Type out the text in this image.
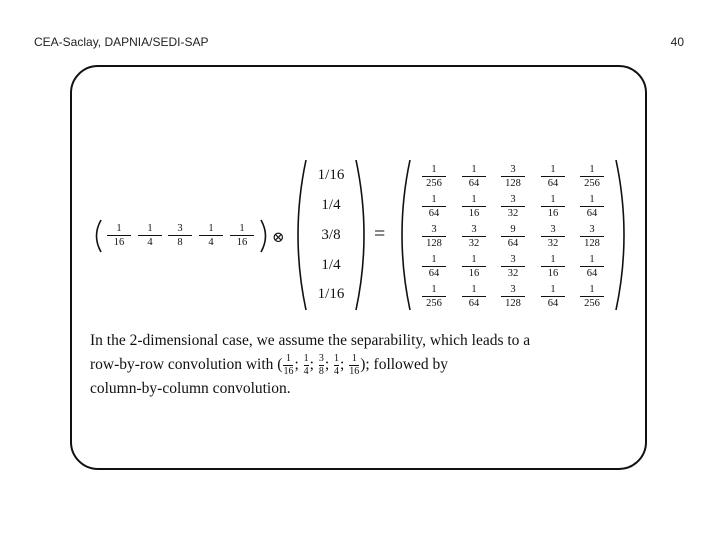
CEA-Saclay, DAPNIA/SEDI-SAP	40
⊗	=
1
16
1
4
3
8
1
4
1
16
1/16
1/4
3/8
1/4
1/16
1
256
1
64
3
128
1
64
1
256
1
64
1
16
3
32
1
16
1
64
3
128
3
32
9
64
3
32
3
128
1
64
1
16
3
32
1
16
1
64
1
256
1
64
3
128
1
64
1
256
In the 2-dimensional case, we assume the separability, which leads to a
row-by-row convolution with ( $\frac{1}{16}$ ; $\frac{1}{4}$ ; $\frac{3}{8}$ ; $\frac{1}{4}$ ; $\frac{1}{16}$ ); followed by
column-by-column convolution.
